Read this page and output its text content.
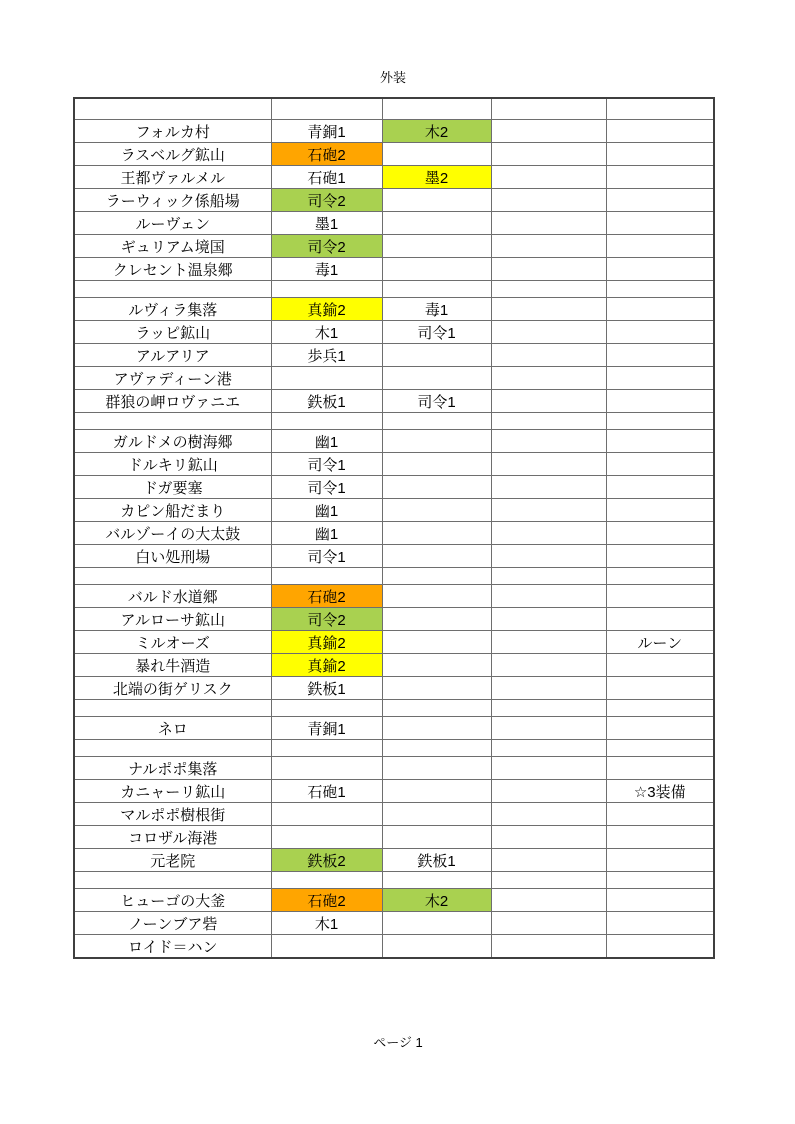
外装

フォルカ村	青銅1	木2		
ラスベルグ鉱山	石砲2			
王都ヴァルメル	石砲1	墨2		
ラーウィック係船場	司令2			
ルーヴェン	墨1			
ギュリアム境国	司令2			
クレセント温泉郷	毒1			

ルヴィラ集落	真鍮2	毒1		
ラッピ鉱山	木1	司令1		
アルアリア	歩兵1			
アヴァディーン港				
群狼の岬ロヴァニエ	鉄板1	司令1		

ガルドメの樹海郷	幽1			
ドルキリ鉱山	司令1			
ドガ要塞	司令1			
カピン船だまり	幽1			
バルゾーイの大太鼓	幽1			
白い処刑場	司令1			

バルド水道郷	石砲2			
アルローサ鉱山	司令2			
ミルオーズ	真鍮2			ルーン
暴れ牛酒造	真鍮2			
北端の街ゲリスク	鉄板1			

ネロ	青銅1			

ナルポポ集落				
カニャーリ鉱山	石砲1			☆3装備
マルポポ樹根街				
コロザル海港				
元老院	鉄板2	鉄板1		

ヒューゴの大釜	石砲2	木2		
ノーンブア砦	木1			
ロイド＝ハン				
ページ 1
